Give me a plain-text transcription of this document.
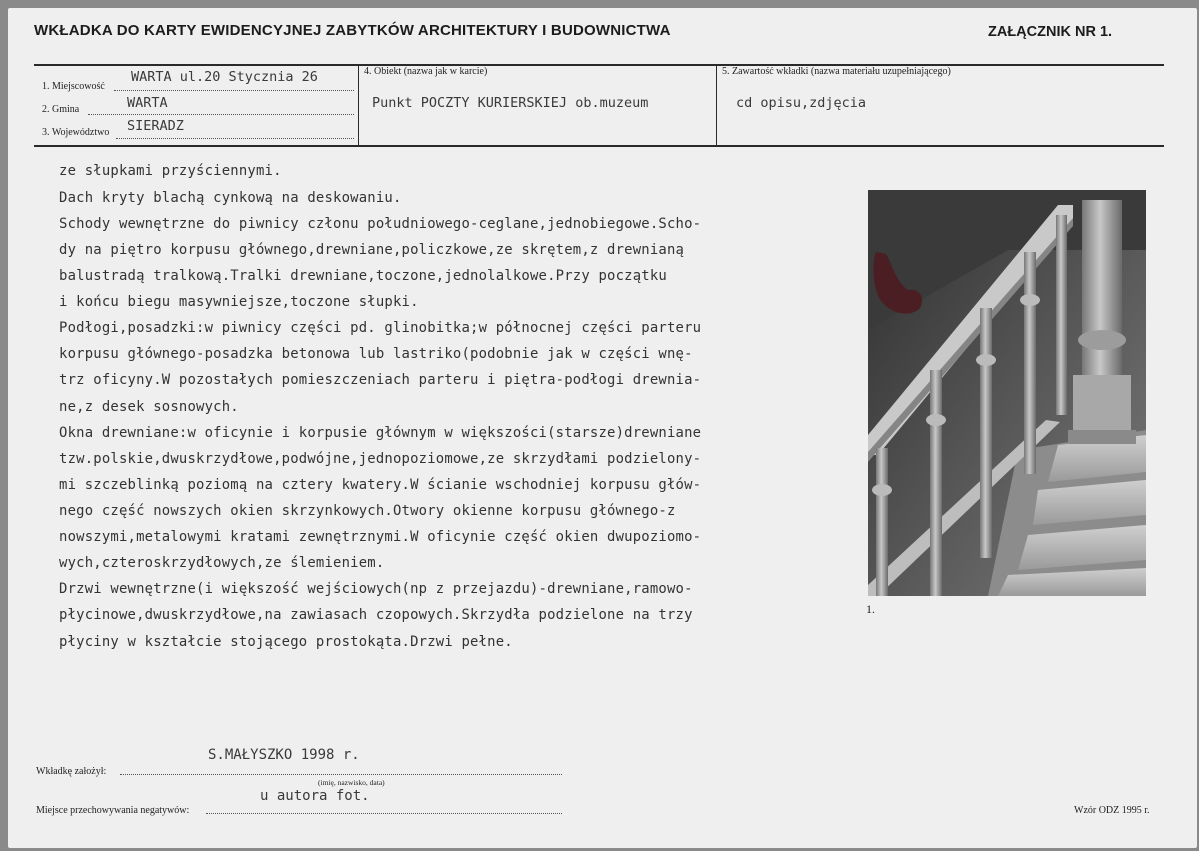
WKŁADKA DO KARTY EWIDENCYJNEJ ZABYTKÓW ARCHITEKTURY I BUDOWNICTWA	ZAŁĄCZNIK NR 1.
1. Miejscowość
WARTA ul.20 Stycznia 26
2. Gmina	WARTA
3. Województwo SIERADZ
4. Obiekt (nazwa jak w karcie)
Punkt POCZTY KURIERSKIEJ ob.muzeum
5. Zawartość wkładki (nazwa materiału uzupełniającego)
cd opisu,zdjęcia
ze słupkami przyściennymi.
Dach kryty blachą cynkową na deskowaniu.
Schody wewnętrzne do piwnicy członu południowego-ceglane,jednobiegowe.Scho-
dy na piętro korpusu głównego,drewniane,policzkowe,ze skrętem,z drewnianą
balustradą tralkową.Tralki drewniane,toczone,jednolalkowe.Przy początku
i końcu biegu masywniejsze,toczone słupki.
Podłogi,posadzki:w piwnicy części pd. glinobitka;w północnej części parteru
korpusu głównego-posadzka betonowa lub lastriko(podobnie jak w części wnę-
trz oficyny.W pozostałych pomieszczeniach parteru i piętra-podłogi drewnia-
ne,z desek sosnowych.
Okna drewniane:w oficynie i korpusie głównym w większości(starsze)drewniane
tzw.polskie,dwuskrzydłowe,podwójne,jednopoziomowe,ze skrzydłami podzielony-
mi szczeblinką poziomą na cztery kwatery.W ścianie wschodniej korpusu głów-
nego część nowszych okien skrzynkowych.Otwory okienne korpusu głównego-z
nowszymi,metalowymi kratami zewnętrznymi.W oficynie część okien dwupoziomo-
wych,czteroskrzydłowych,ze ślemieniem.
Drzwi wewnętrzne(i większość wejściowych(np z przejazdu)-drewniane,ramowo-
płycinowe,dwuskrzydłowe,na zawiasach czopowych.Skrzydła podzielone na trzy
płyciny w kształcie stojącego prostokąta.Drzwi pełne.
1.
S.MAŁYSZKO 1998 r.
Wkładkę założył:
(imię, nazwisko, data)
u autora fot.
Miejsce przechowywania negatywów:	Wzór ODZ 1995 r.
